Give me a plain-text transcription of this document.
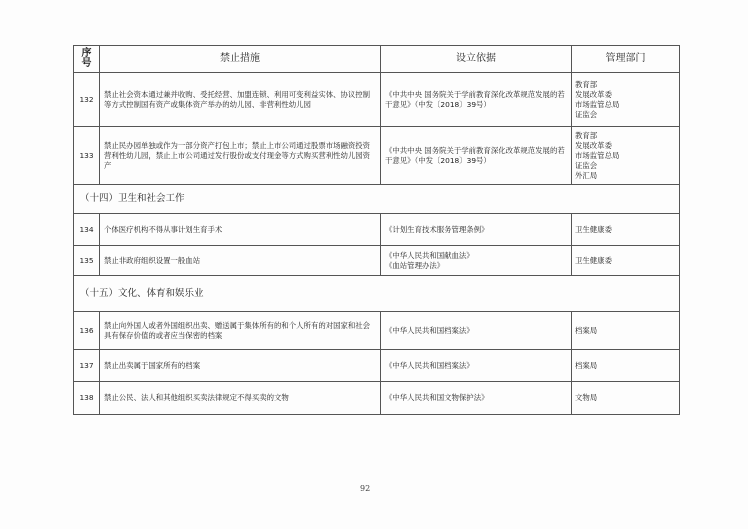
序号	禁止措施	设立依据	管理部门
132	禁止社会资本通过兼并收购、受托经营、加盟连锁、利用可变利益实体、协议控制等方式控制国有资产或集体资产举办的幼儿园、非营利性幼儿园	《中共中央 国务院关于学前教育深化改革规范发展的若干意见》（中发〔2018〕39号）	教育部
发展改革委
市场监管总局
证监会

133	禁止民办园单独或作为一部分资产打包上市；禁止上市公司通过股票市场融资投资营利性幼儿园，禁止上市公司通过发行股份或支付现金等方式购买营利性幼儿园资产	《中共中央 国务院关于学前教育深化改革规范发展的若干意见》（中发〔2018〕39号）	教育部
发展改革委
市场监管总局
证监会
外汇局

（十四）卫生和社会工作			
134	个体医疗机构不得从事计划生育手术	《计划生育技术服务管理条例》	卫生健康委
135	禁止非政府组织设置一般血站	《中华人民共和国献血法》
《血站管理办法》	卫生健康委
（十五）文化、体育和娱乐业			
136	禁止向外国人或者外国组织出卖、赠送属于集体所有的和个人所有的对国家和社会具有保存价值的或者应当保密的档案	《中华人民共和国档案法》	档案局
137	禁止出卖属于国家所有的档案	《中华人民共和国档案法》	档案局
138	禁止公民、法人和其他组织买卖法律规定不得买卖的文物	《中华人民共和国文物保护法》	文物局
92
